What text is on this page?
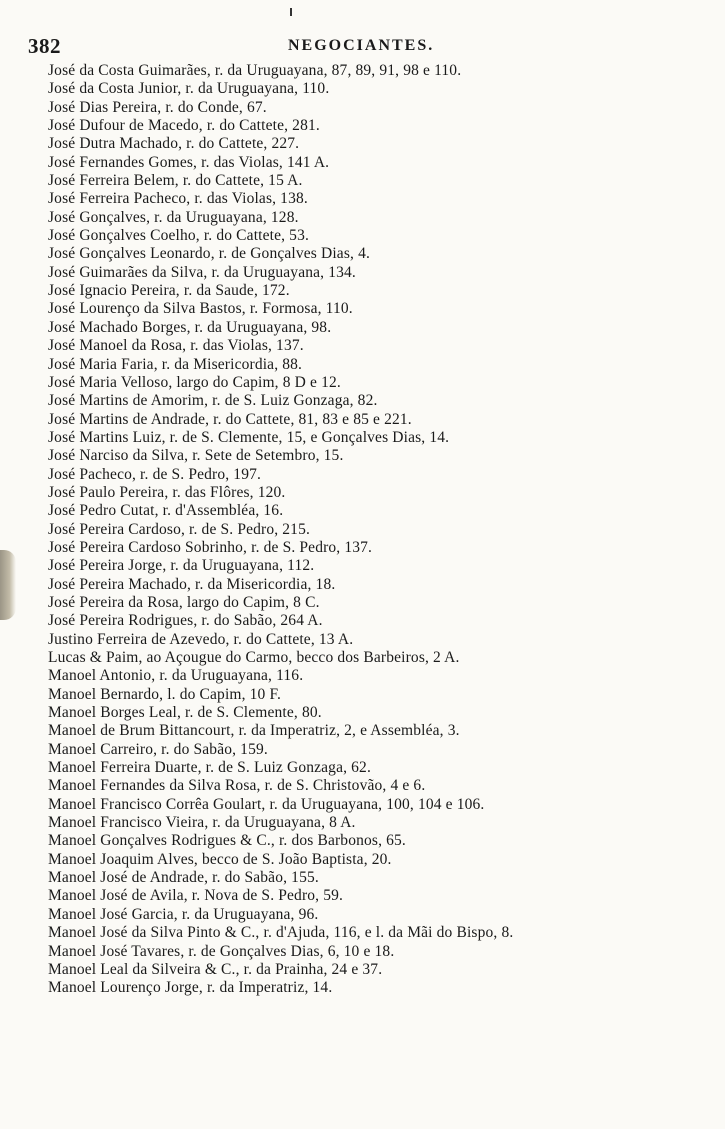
382	NEGOCIANTES.
José da Costa Guimarães, r. da Uruguayana, 87, 89, 91, 98 e 110.
José da Costa Junior, r. da Uruguayana, 110.
José Dias Pereira, r. do Conde, 67.
José Dufour de Macedo, r. do Cattete, 281.
José Dutra Machado, r. do Cattete, 227.
José Fernandes Gomes, r. das Violas, 141 A.
José Ferreira Belem, r. do Cattete, 15 A.
José Ferreira Pacheco, r. das Violas, 138.
José Gonçalves, r. da Uruguayana, 128.
José Gonçalves Coelho, r. do Cattete, 53.
José Gonçalves Leonardo, r. de Gonçalves Dias, 4.
José Guimarães da Silva, r. da Uruguayana, 134.
José Ignacio Pereira, r. da Saude, 172.
José Lourenço da Silva Bastos, r. Formosa, 110.
José Machado Borges, r. da Uruguayana, 98.
José Manoel da Rosa, r. das Violas, 137.
José Maria Faria, r. da Misericordia, 88.
José Maria Velloso, largo do Capim, 8 D e 12.
José Martins de Amorim, r. de S. Luiz Gonzaga, 82.
José Martins de Andrade, r. do Cattete, 81, 83 e 85 e 221.
José Martins Luiz, r. de S. Clemente, 15, e Gonçalves Dias, 14.
José Narciso da Silva, r. Sete de Setembro, 15.
José Pacheco, r. de S. Pedro, 197.
José Paulo Pereira, r. das Flôres, 120.
José Pedro Cutat, r. d'Assembléa, 16.
José Pereira Cardoso, r. de S. Pedro, 215.
José Pereira Cardoso Sobrinho, r. de S. Pedro, 137.
José Pereira Jorge, r. da Uruguayana, 112.
José Pereira Machado, r. da Misericordia, 18.
José Pereira da Rosa, largo do Capim, 8 C.
José Pereira Rodrigues, r. do Sabão, 264 A.
Justino Ferreira de Azevedo, r. do Cattete, 13 A.
Lucas & Paim, ao Açougue do Carmo, becco dos Barbeiros, 2 A.
Manoel Antonio, r. da Uruguayana, 116.
Manoel Bernardo, l. do Capim, 10 F.
Manoel Borges Leal, r. de S. Clemente, 80.
Manoel de Brum Bittancourt, r. da Imperatriz, 2, e Assembléa, 3.
Manoel Carreiro, r. do Sabão, 159.
Manoel Ferreira Duarte, r. de S. Luiz Gonzaga, 62.
Manoel Fernandes da Silva Rosa, r. de S. Christovão, 4 e 6.
Manoel Francisco Corrêa Goulart, r. da Uruguayana, 100, 104 e 106.
Manoel Francisco Vieira, r. da Uruguayana, 8 A.
Manoel Gonçalves Rodrigues & C., r. dos Barbonos, 65.
Manoel Joaquim Alves, becco de S. João Baptista, 20.
Manoel José de Andrade, r. do Sabão, 155.
Manoel José de Avila, r. Nova de S. Pedro, 59.
Manoel José Garcia, r. da Uruguayana, 96.
Manoel José da Silva Pinto & C., r. d'Ajuda, 116, e l. da Mãi do Bispo, 8.
Manoel José Tavares, r. de Gonçalves Dias, 6, 10 e 18.
Manoel Leal da Silveira & C., r. da Prainha, 24 e 37.
Manoel Lourenço Jorge, r. da Imperatriz, 14.
